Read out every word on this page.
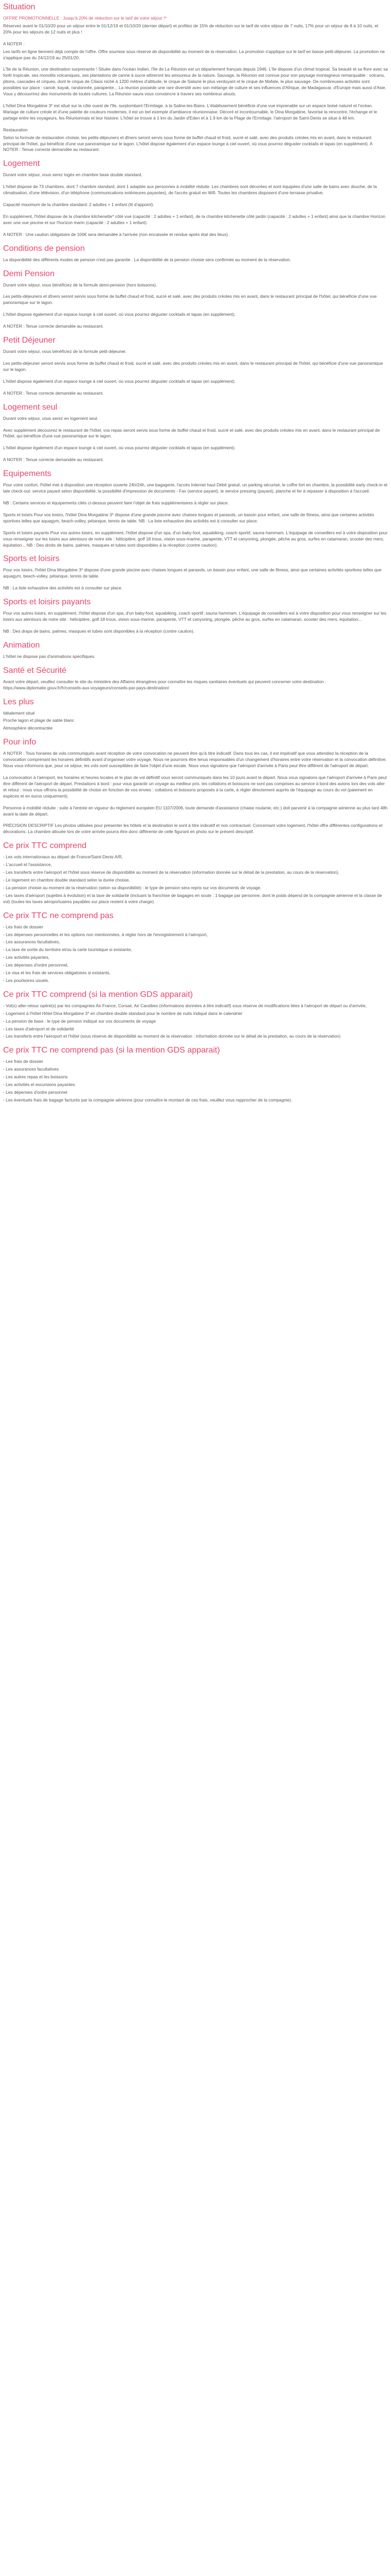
Situation

OFFRE PROMOTIONNELLE : Jusqu'à 20% de réduction sur le tarif de votre séjour !*

Réservez avant le 01/10/20 pour un séjour entre le 01/12/19 et 01/10/20 (dernier départ) et profitez de 15% de réduction sur le tarif de votre séjour de 7 nuits, 17% pour un séjour de 8 à 10 nuits, et 20% pour les séjours de 12 nuits et plus !

A NOTER :

Les tarifs en ligne tiennent déjà compte de l'offre. Offre soumise sous réserve de disponibilité au moment de la réservation. La promotion s'applique sur le tarif en basse petit-déjeuner. La promotion ne s'applique pas du 24/12/19 au 25/01/20.

L'île de la Réunion, une destination surprenante ! Située dans l'océan Indien, l'île de La Réunion est un département français depuis 1946. L'île dispose d'un climat tropical. Sa beauté et sa flore avec sa forêt tropicale, ses monolits volcaniques, ses plantations de canne à sucre attireront les amoureux de la nature. Sauvage, la Réunion est connue pour son paysage montagneux remarquable : volcans, pitons, cascades et cirques, dont le cirque de Cilaos niché à 1200 mètres d'altitude, le cirque de Salazie le plus verdoyant et le cirque de Mafate, le plus sauvage. De nombreuses activités sont possibles sur place : canoë, kayak, randonnée, parapente... La réunion possède une rare diversité avec son mélange de culture et ses influences d'Afrique, de Madagascar, d'Europe mais aussi d'Asie. Vous y découvrirez des monuments de toutes cultures. La Réunion saura vous convaincre à travers ses nombreux atouts.

L'hôtel Dina Morgabine 3* est situé sur la côte ouest de l'île, surplombant l'Ermitage, à la Saline-les-Bains. L'établissement bénéficie d'une vue imprenable sur un espace boisé naturel et l'océan. Mariage de culture créole et d'une palette de couleurs modernes, il est un bel exemple d'ambiance réunionnaise. Décoré et incontournable, le Dina Morgabine, favorise la rencontre, l'échange et le partage entre les voyageurs, les Réunionnais et leur histoire. L'hôtel se trouve à 1 km du Jardin d'Eden et à 1.9 km de la Plage de l'Ermitage. l'aéroport de Saint-Denis se situe à 48 km.

Restauration

Selon la formule de restauration choisie, les petits-déjeuners et dîners seront servis sous forme de buffet chaud et froid, sucré et salé, avec des produits créoles mis en avant, dans le restaurant principal de l'hôtel, qui bénéficie d'une vue panoramique sur le lagon. L'hôtel dispose également d'un espace lounge à ciel ouvert, où vous pourrez déguster cocktails et tapas (en supplément). A NOTER : Tenue correcte demandée au restaurant.

Logement

Durant votre séjour, vous serez logés en chambre base double standard.

L'hôtel dispose de 73 chambres, dont 7 chambre standard, dont 1 adaptée aux personnes à mobilité réduite. Les chambres sont décorées et sont équipées d'une salle de bains avec douche, de la climatisation, d'une télévision, d'un téléphone (communications extérieures payantes), de l'accès gratuit en Wifi. Toutes les chambres disposent d'une terrasse privative.

Capacité maximum de la chambre standard: 2 adultes + 1 enfant (lit d'appoint).

En supplément, l'hôtel dispose de la chambre kitchenette* côté vue (capacité : 2 adultes + 1 enfant), de la chambre kitchenette côté jardin (capacité : 2 adultes + 1 enfant) ainsi que la chambre Horizon avec une vue piscine et sur l'horizon marin (capacité : 2 adultes + 1 enfant).

A NOTER : Une caution obligatoire de 100€ sera demandée à l'arrivée (non encaissée et rendue après état des lieux).

Conditions de pension

La disponibilité des différents modes de pension n'est pas garantie . La disponibilité de la pension choisie sera confirmée au moment de la réservation.

Demi Pension

Durant votre séjour, vous bénéficiez de la formule demi-pension (hors boissons).

Les petits-déjeuners et dîners seront servis sous forme de buffet chaud et froid, sucré et salé, avec des produits créoles mis en avant, dans le restaurant principal de l'hôtel, qui bénéficie d'une vue panoramique sur le lagon.

L'hôtel dispose également d'un espace lounge à ciel ouvert, où vous pourrez déguster cocktails et tapas (en supplément).

A NOTER : Tenue correcte demandée au restaurant.

Petit Déjeuner

Durant votre séjour, vous bénéficiez de la formule petit-déjeuner.

Les petits-déjeuner seront servis sous forme de buffet chaud et froid, sucré et salé, avec des produits créoles mis en avant, dans le restaurant principal de l'hôtel, qui bénéficie d'une vue panoramique sur le lagon.

L'hôtel dispose également d'un espace lounge à ciel ouvert, où vous pourrez déguster cocktails et tapas (en supplément).

A NOTER : Tenue correcte demandée au restaurant.

Logement seul

Durant votre séjour, vous serez en logement seul.

Avec supplément découvrez le restaurant de l'hôtel, vos repas seront servis sous forme de buffet chaud et froid, sucré et salé, avec des produits créoles mis en avant, dans le restaurant principal de l'hôtel, qui bénéficie d'une vue panoramique sur le lagon.

L'hôtel dispose également d'un espace lounge à ciel ouvert, où vous pourrez déguster cocktails et tapas (en supplément).

A NOTER : Tenue correcte demandée au restaurant.

Equipements

Pour votre confort, l'hôtel met à disposition une réception ouverte 24h/24h, une bagagerie, l'accès Internet haut Débit gratuit, un parking sécurisé, le coffre fort en chambre, la possibilité early check-in et late check-out: service payant selon disponibilité, la possibilité d'impression de documents - Fax (service payant), le service pressing (payant), planche et fer à repasser à disposition à l'accueil.

NB : Certains services et équipements cités ci-dessus peuvent faire l'objet de frais supplémentaires à régler sur place.

Sports et loisirs Pour vos loisirs, l'hôtel Dina Morgabine 3* dispose d'une grande piscine avec chaises longues et parasols, un bassin pour enfant, une salle de fitness, ainsi que certaines activités sportives telles que aquagym, beach-volley, pétanque, tennis de table. NB : La liste exhaustive des activités est à consulter sur place.

Sports et loisirs payants Pour vos autres loisirs, en supplément, l'hôtel dispose d'un spa, d'un baby-foot, aquabiking, coach sportif, sauna hammam. L'équipage de conseillers est à votre disposition pour vous renseigner sur les loisirs aux alentours de notre site : héliciptère, golf 18 trous, vision sous-marine, parapente, VTT et canyoning, plongée, pêche au gros, surfes en catamaran, scooter des mers, équitation... NB : Des droits de bains, palmes, masques et tubes sont disponibles à la réception (contre caution).

Sports et loisirs

Pour vos loisirs, l'hôtel Dina Morgabine 3* dispose d'une grande piscine avec chaises longues et parasols, un bassin pour enfant, une salle de fitness, ainsi que certaines activités sportives telles que aquagym, beach-volley, pétanque, tennis de table.

NB : La liste exhaustive des activités est à consulter sur place.

Sports et loisirs payants

Pour vos autres loisirs, en supplément, l'hôtel dispose d'un spa, d'un baby-foot, aquabiking, coach sportif, sauna hammam. L'équipage de conseillers est à votre disposition pour vous renseigner sur les loisirs aux alentours de notre site : héliciptère, golf 18 trous, vision sous-marine, parapente, VTT et canyoning, plongée, pêche au gros, surfes en catamaran, scooter des mers, équitation...

NB : Des draps de bains, palmes, masques et tubes sont disponibles à la réception (contre caution).

Animation

L'hôtel ne dispose pas d'animations spécifiques.

Santé et Sécurité

Avant votre départ, veuillez consulter le site du ministère des Affaires étrangères pour connaître les risques sanitaires éventuels qui peuvent concerner votre destination : https://www.diplomatie.gouv.fr/fr/conseils-aux-voyageurs/conseils-par-pays-destination/

Les plus

Idéalement situé

Proche lagon et plage de sable blanc

Atmosphère décontractée

Pour info

A NOTER : Tous horaires de vols communiqués avant réception de votre convocation ne peuvent être qu'à titre indicatif. Dans tous les cas, il est impératif que vous attendiez la réception de la convocation comprenant les horaires définitifs avant d'organiser votre voyage. Nous ne pourrons être tenus responsables d'un changement d'horaires entre votre réservation et la convocation définitive. Nous vous informons que, pour ce séjour, les vols sont susceptibles de faire l'objet d'une escale. Nous vous signalons que l'aéroport d'arrivée à Paris peut être différent de l'aéroport de départ.

La convocation à l'aéroport, les horaires et heures locales et le plan de vol définitif vous seront communiqués dans les 10 jours avant le départ. Nous vous signalons que l'aéroport d'arrivée à Paris peut être différent de l'aéroport de départ. Prestations à bord : pour vous garantir un voyage au meilleur prix, les collations et boissons ne sont pas comprises au service à bord des avions lors des vols aller et retour : nous vous offrons la possibilité de choisir en fonction de vos envies : collations et boissons proposés à la carte, à régler directement auprès de l'équipage au cours du vol (paiement en espèces et en euros uniquement).

Personne à mobilité réduite : suite à l'entrée en vigueur du règlement européen EU 1107/2006, toute demande d'assistance (chaise roulante, etc.) doit parvenir à la compagnie aérienne au plus tard 48h avant la date de départ.

PRÉCISION DESCRIPTIF Les photos utilisées pour présenter les hôtels et la destination le sont à titre indicatif et non contractuel. Concernant votre logement, l'hôtel offre différentes configurations et décorations. La chambre allouée lors de votre arrivée pourra être donc différente de celle figurant en photo sur le présent descriptif.

Ce prix TTC comprend

- Les vols internationaux au départ de France/Saint-Denis A/R,

- L'accueil et l'assistance,

- Les transferts entre l'aéroport et l'hôtel sous réserve de disponibilité au moment de la réservation (information donnée sur le détail de la prestation, au cours de la réservation),

- Le logement en chambre double standard selon la durée choisie,

- La pension choisie au moment de la réservation (selon sa disponibilité) : le type de pension sera repris sur vos documents de voyage.

- Les taxes d'aéroport (sujettes à évolution) et la taxe de solidarité (incluant la franchise de bagages en soute : 1 bagage par personne, dont le poids dépend de la compagnie aérienne et la classe de vol) (toutes les taxes aéroportuaires payables sur place restent à votre charge).

Ce prix TTC ne comprend pas

- Les frais de dossier

- Les dépenses personnelles et les options non mentionnées, à régler hors de l'enregistrement à l'aéroport,

- Les assurances facultatives,

- La taxe de sortie du territoire et/ou la carte touristique si existante,

- Les activités payantes,

- Les dépenses d'ordre personnel,

- Le visa et les frais de services obligatoires si existants,

- Les pourboires usuels.

Ce prix TTC comprend (si la mention GDS apparait)

- Vol(s) aller-retour opéré(s) par les compagnies Air France, Corsair, Air Caraïbes (informations données à titre indicatif) sous réserve de modifications liées à l'aéroport de départ ou d'arrivée,

- Logement à l'hôtel Hôtel Dina Morgabine 3* en chambre double standard pour le nombre de nuits indiqué dans le calendrier

- La pension de base : le type de pension indiqué sur vos documents de voyage

- Les taxes d'aéroport et de solidarité

- Les transferts entre l'aéroport et l'hôtel (sous réserve de disponibilité au moment de la réservation : information donnée sur le détail de la prestation, au cours de la réservation)

Ce prix TTC ne comprend pas (si la mention GDS apparait)

- Les frais de dossier

- Les assurances facultatives

- Les autres repas et les boissons

- Les activités et excursions payantes

- Les dépenses d'ordre personnel

- Les éventuels frais de bagage facturés par la compagnie aérienne (pour connaître le montant de ces frais, veuillez vous rapprocher de la compagnie).
